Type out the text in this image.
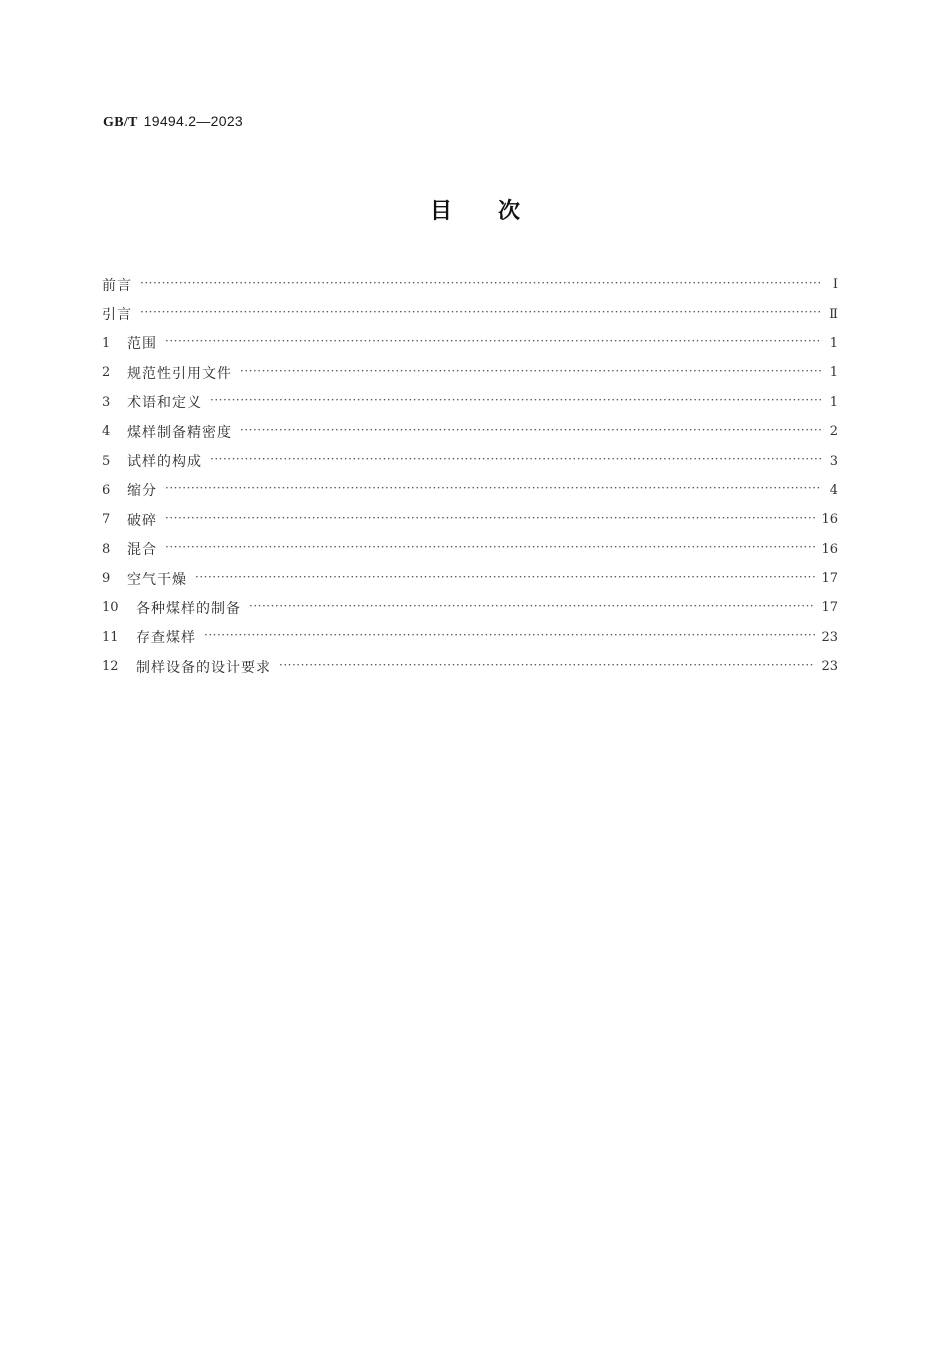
GB/T 19494.2—2023
目次
前言 ·····	Ⅰ
引言 ·····	Ⅱ
1	范围 ·····	1
2	规范性引用文件 ·····	1
3	术语和定义 ·····	1
4	煤样制备精密度 ·····	2
5	试样的构成 ·····	3
6	缩分 ·····	4
7	破碎 ·····	16
8	混合 ·····	16
9	空气干燥 ·····	17
10	各种煤样的制备 ·····	17
11	存查煤样 ·····	23
12	制样设备的设计要求 ·····	23
